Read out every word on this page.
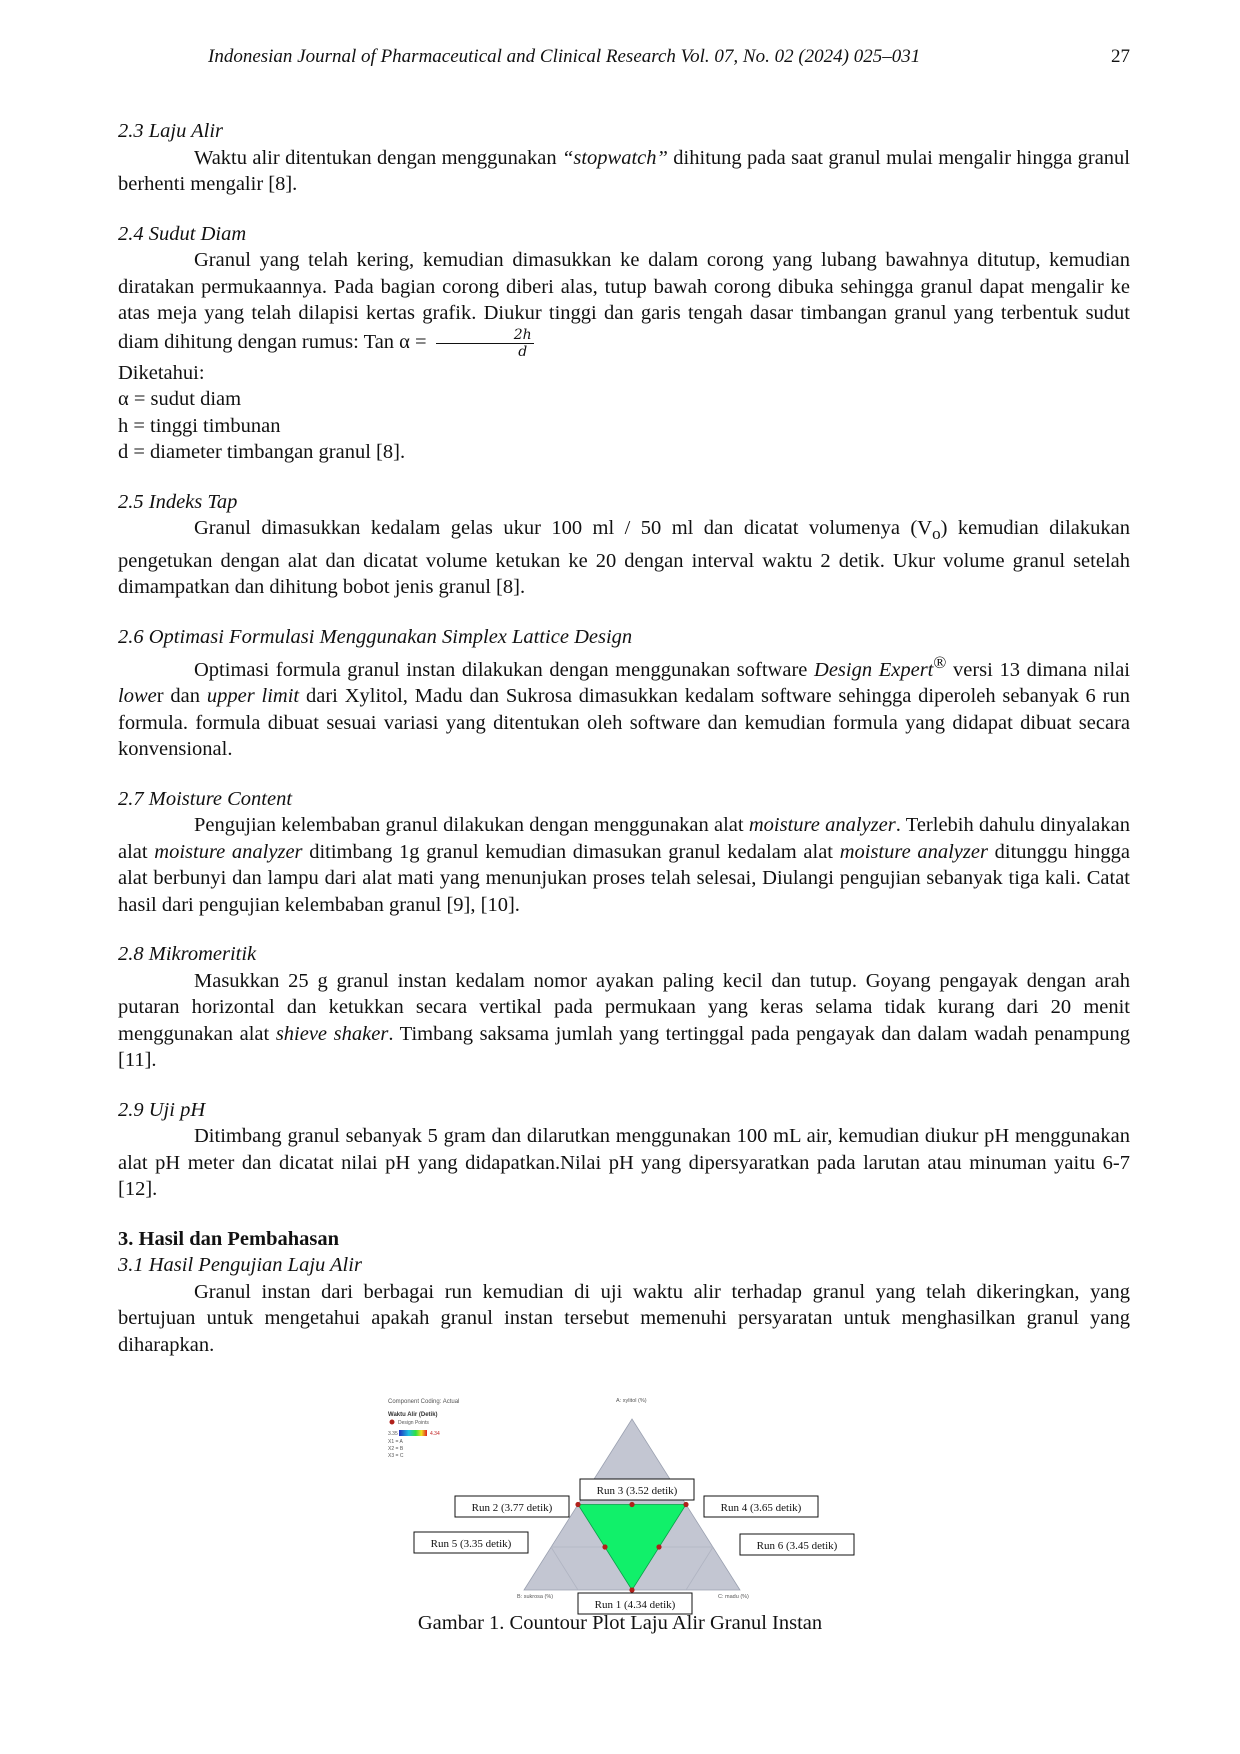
Indonesian Journal of Pharmaceutical and Clinical Research Vol. 07, No. 02 (2024) 025–031	27
2.3 Laju Alir

Waktu alir ditentukan dengan menggunakan “stopwatch” dihitung pada saat granul mulai mengalir hingga granul berhenti mengalir [8].

2.4 Sudut Diam

Granul yang telah kering, kemudian dimasukkan ke dalam corong yang lubang bawahnya ditutup, kemudian diratakan permukaannya. Pada bagian corong diberi alas, tutup bawah corong dibuka sehingga granul dapat mengalir ke atas meja yang telah dilapisi kertas grafik. Diukur tinggi dan garis tengah dasar timbangan granul yang terbentuk sudut diam dihitung dengan rumus: Tan $\alpha = \frac{2h}{d}$

Diketahui:
α = sudut diam
h = tinggi timbunan
d = diameter timbangan granul [8].
2.5 Indeks Tap

Granul dimasukkan kedalam gelas ukur 100 ml / 50 ml dan dicatat volumenya $(V_o)$ kemudian dilakukan pengetukan dengan alat dan dicatat volume ketukan ke 20 dengan interval waktu 2 detik. Ukur volume granul setelah dimampatkan dan dihitung bobot jenis granul [8].

2.6 Optimasi Formulasi Menggunakan Simplex Lattice Design

Optimasi formula granul instan dilakukan dengan menggunakan software Design Expert® versi 13 dimana nilai lower dan upper limit dari Xylitol, Madu dan Sukrosa dimasukkan kedalam software sehingga diperoleh sebanyak 6 run formula. formula dibuat sesuai variasi yang ditentukan oleh software dan kemudian formula yang didapat dibuat secara konvensional.

2.7 Moisture Content

Pengujian kelembaban granul dilakukan dengan menggunakan alat moisture analyzer. Terlebih dahulu dinyalakan alat moisture analyzer ditimbang 1g granul kemudian dimasukan granul kedalam alat moisture analyzer ditunggu hingga alat berbunyi dan lampu dari alat mati yang menunjukan proses telah selesai, Diulangi pengujian sebanyak tiga kali. Catat hasil dari pengujian kelembaban granul [9], [10].

2.8 Mikromeritik

Masukkan 25 g granul instan kedalam nomor ayakan paling kecil dan tutup. Goyang pengayak dengan arah putaran horizontal dan ketukkan secara vertikal pada permukaan yang keras selama tidak kurang dari 20 menit menggunakan alat shieve shaker. Timbang saksama jumlah yang tertinggal pada pengayak dan dalam wadah penampung [11].

2.9 Uji pH

Ditimbang granul sebanyak 5 gram dan dilarutkan menggunakan 100 mL air, kemudian diukur pH menggunakan alat pH meter dan dicatat nilai pH yang didapatkan.Nilai pH yang dipersyaratkan pada larutan atau minuman yaitu 6-7 [12].

3. Hasil dan Pembahasan
3.1 Hasil Pengujian Laju Alir

Granul instan dari berbagai run kemudian di uji waktu alir terhadap granul yang telah dikeringkan, yang bertujuan untuk mengetahui apakah granul instan tersebut memenuhi persyaratan untuk menghasilkan granul yang diharapkan.

Component Coding: Actual
Waktu Alir (Detik)
Design Points
3.35	4.34
X1 = A
X2 = B
X3 = C
A: xylitol (%)
B: sukrosa (%)	C: madu (%)
Run 3 (3.52 detik)
Run 2 (3.77 detik)	Run 4 (3.65 detik)
Run 5 (3.35 detik)	Run 6 (3.45 detik)
Run 1 (4.34 detik)
Gambar 1. Countour Plot Laju Alir Granul Instan
